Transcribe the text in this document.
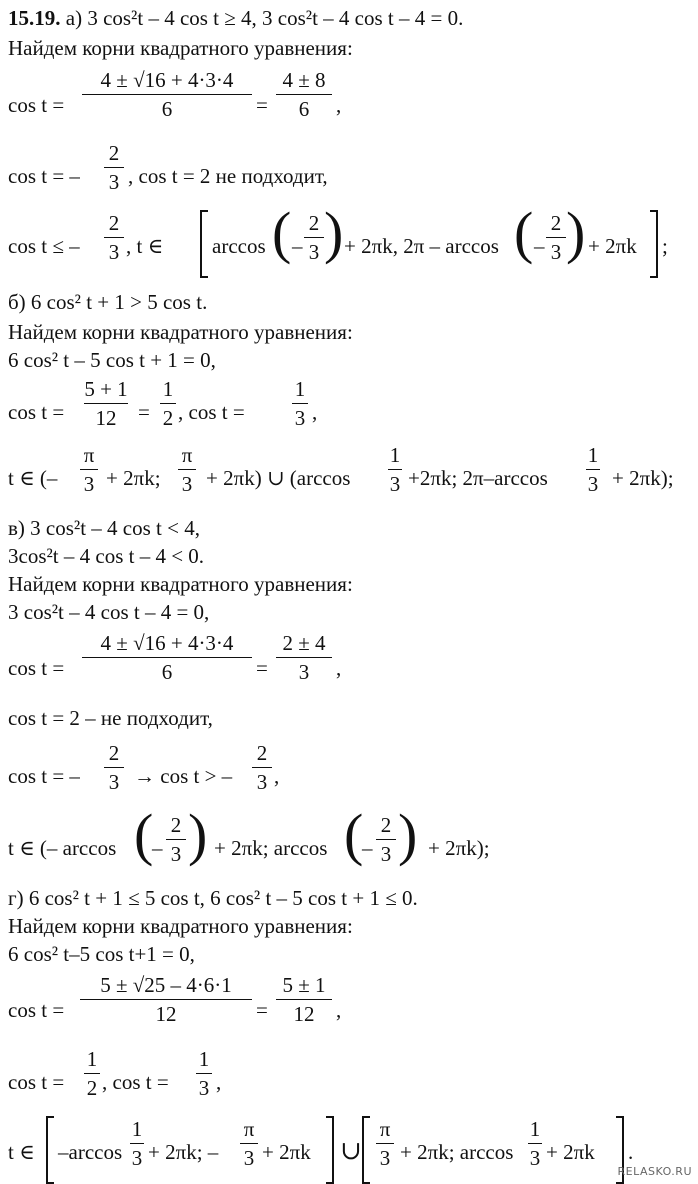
15.19. а) 3 cos²t – 4 cos t ≥ 4, 3 cos²t – 4 cos t – 4 = 0.
Найдем корни квадратного уравнения:
cos t =
4 ± √16 + 4·3·4
6	=
4 ± 8
6	,
cos t = –
2
3 , cos t = 2 не подходит,
cos t ≤ –
2
3 , t ∈ arccos ( –
2
3 ) + 2πk, 2π – arccos ( –
2
3 ) + 2πk ;
б) 6 cos² t + 1 > 5 cos t.
Найдем корни квадратного уравнения:
6 cos² t – 5 cos t + 1 = 0,
cos t =
5 + 1
12	=
1
2 , cos t =
1
3 ,
t ∈ (–
π
3 + 2πk;
π
3 + 2πk) ∪ (arccos
1
3 +2πk; 2π–arccos
1
3 + 2πk);
в) 3 cos²t – 4 cos t < 4,
3cos²t – 4 cos t – 4 < 0.
Найдем корни квадратного уравнения:
3 cos²t – 4 cos t – 4 = 0,
cos t =
4 ± √16 + 4·3·4
6	=
2 ± 4
3	,
cos t = 2 – не подходит,
cos t = –
2
3 → cos t > –
2
3 ,
t ∈ (– arccos (
–
2
3 ) + 2πk; arccos (
–
2
3 ) + 2πk);
г) 6 cos² t + 1 ≤ 5 cos t, 6 cos² t – 5 cos t + 1 ≤ 0.
Найдем корни квадратного уравнения:
6 cos² t–5 cos t+1 = 0,
cos t =
5 ± √25 – 4·6·1
12	=
5 ± 1
12	,
cos t =
1
2 , cos t =
1
3 ,
t ∈ –arccos
1
3 + 2πk; –
π
3 + 2πk ∪
π
3 + 2πk; arccos
1
3 + 2πk .
RELASKO.RU
